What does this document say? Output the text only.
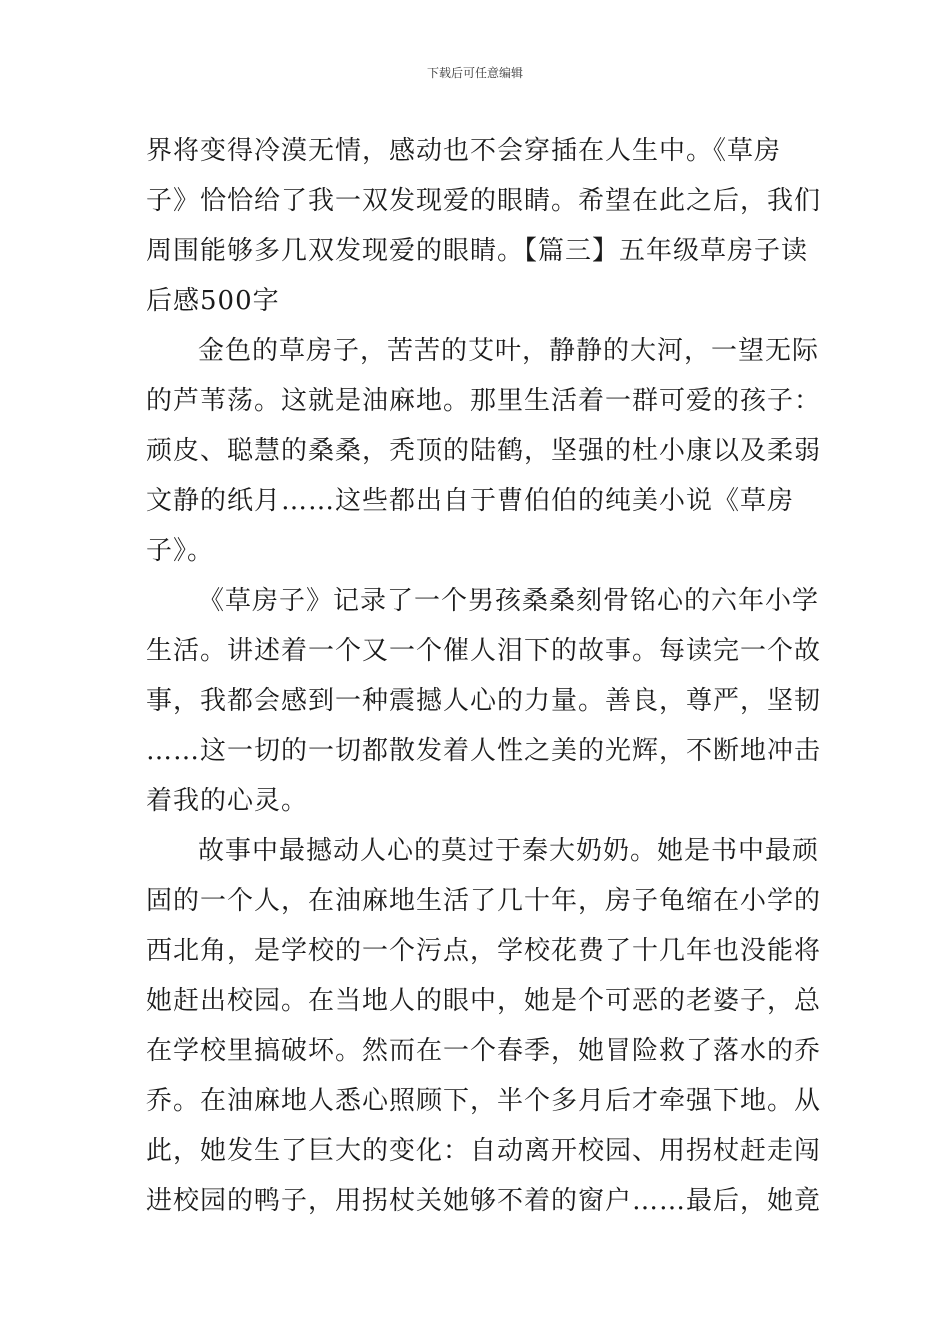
下载后可任意编辑
界将变得冷漠无情，感动也不会穿插在人生中。《草房
子》恰恰给了我一双发现爱的眼睛。希望在此之后，我们
周围能够多几双发现爱的眼睛。【篇三】五年级草房子读
后感500字
金色的草房子，苦苦的艾叶，静静的大河，一望无际
的芦苇荡。这就是油麻地。那里生活着一群可爱的孩子：
顽皮、聪慧的桑桑，秃顶的陆鹤，坚强的杜小康以及柔弱
文静的纸月……这些都出自于曹伯伯的纯美小说《草房
子》。
《草房子》记录了一个男孩桑桑刻骨铭心的六年小学
生活。讲述着一个又一个催人泪下的故事。每读完一个故
事，我都会感到一种震撼人心的力量。善良，尊严，坚韧
……这一切的一切都散发着人性之美的光辉，不断地冲击
着我的心灵。
故事中最撼动人心的莫过于秦大奶奶。她是书中最顽
固的一个人，在油麻地生活了几十年，房子龟缩在小学的
西北角，是学校的一个污点，学校花费了十几年也没能将
她赶出校园。在当地人的眼中，她是个可恶的老婆子，总
在学校里搞破坏。然而在一个春季，她冒险救了落水的乔
乔。在油麻地人悉心照顾下，半个多月后才牵强下地。从
此，她发生了巨大的变化：自动离开校园、用拐杖赶走闯
进校园的鸭子，用拐杖关她够不着的窗户……最后，她竟
